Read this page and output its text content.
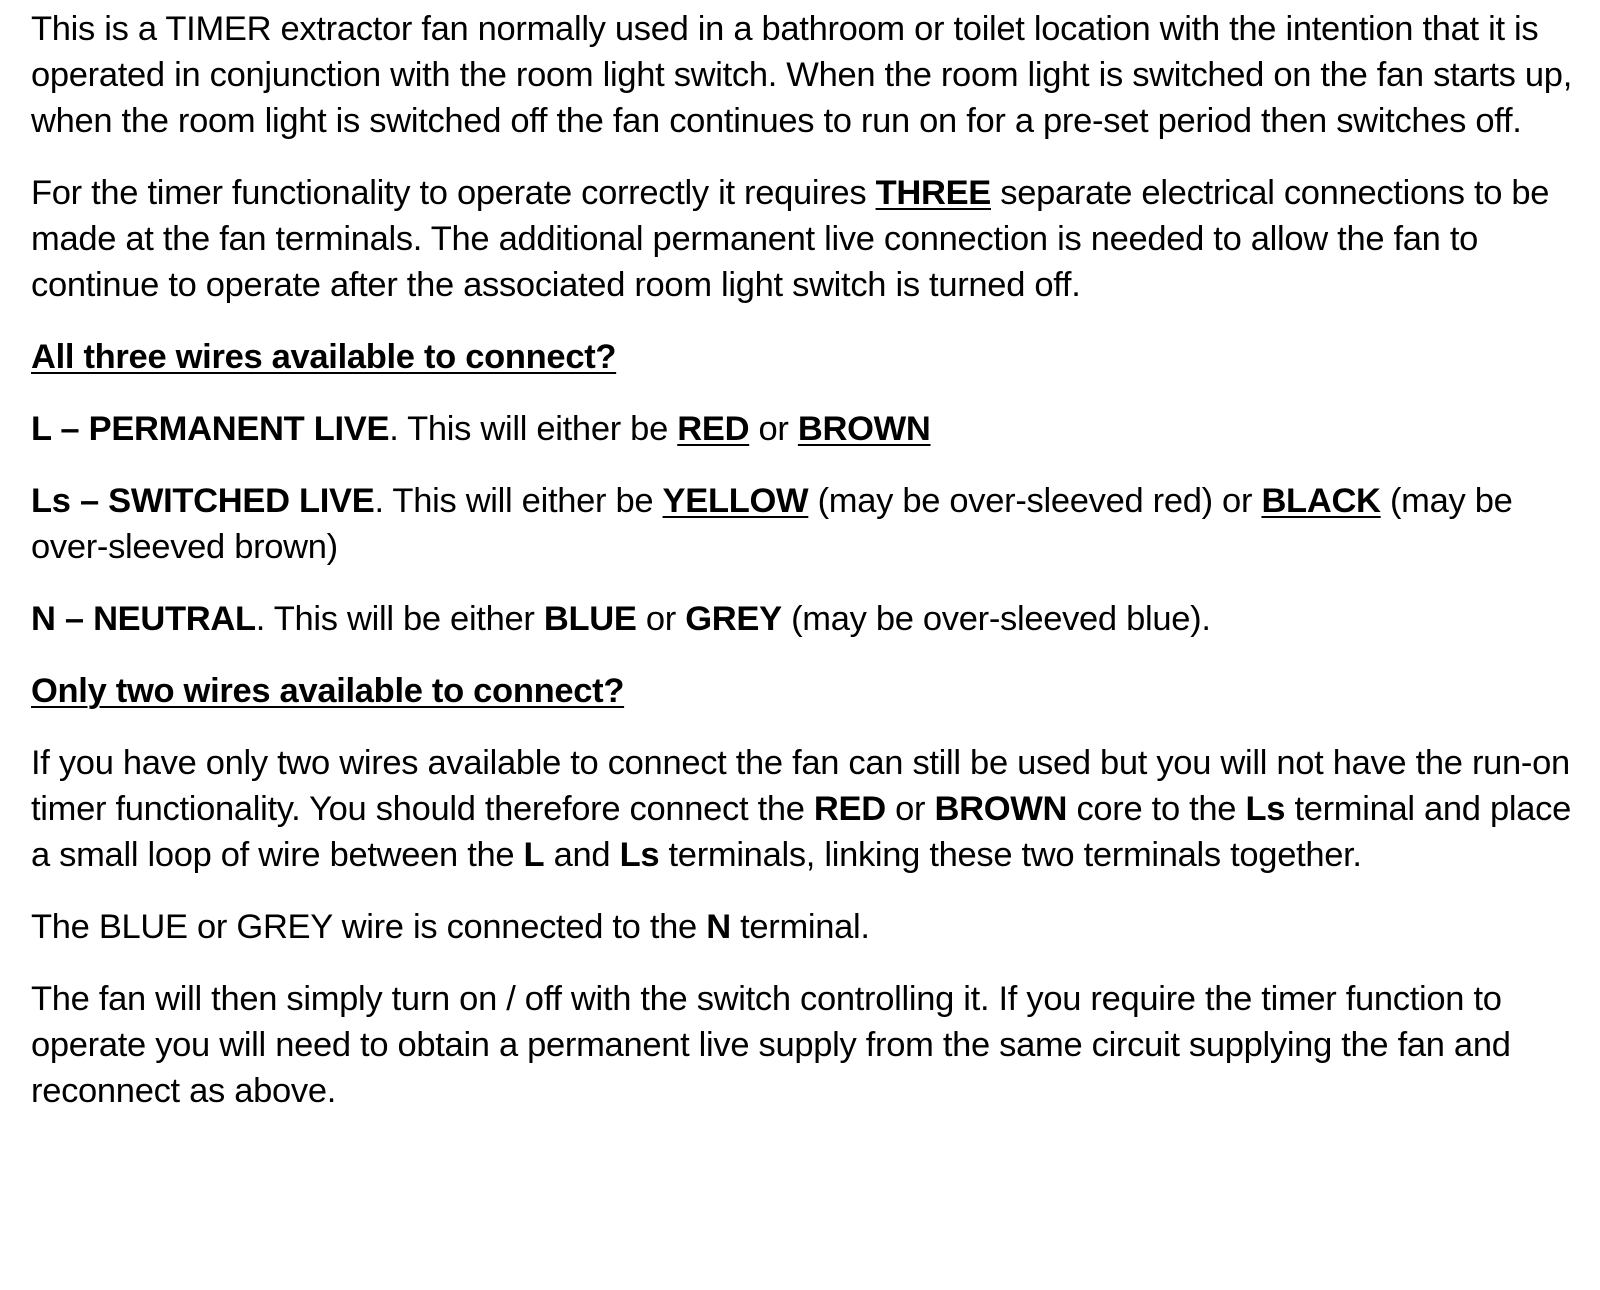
This is a TIMER extractor fan normally used in a bathroom or toilet location with the intention that it is operated in conjunction with the room light switch. When the room light is switched on the fan starts up, when the room light is switched off the fan continues to run on for a pre-set period then switches off.

For the timer functionality to operate correctly it requires THREE separate electrical connections to be made at the fan terminals. The additional permanent live connection is needed to allow the fan to continue to operate after the associated room light switch is turned off.

All three wires available to connect?

L – PERMANENT LIVE. This will either be RED or BROWN

Ls – SWITCHED LIVE. This will either be YELLOW (may be over-sleeved red) or BLACK (may be over-sleeved brown)

N – NEUTRAL. This will be either BLUE or GREY (may be over-sleeved blue).

Only two wires available to connect?

If you have only two wires available to connect the fan can still be used but you will not have the run-on timer functionality. You should therefore connect the RED or BROWN core to the Ls terminal and place a small loop of wire between the L and Ls terminals, linking these two terminals together.

The BLUE or GREY wire is connected to the N terminal.

The fan will then simply turn on / off with the switch controlling it. If you require the timer function to operate you will need to obtain a permanent live supply from the same circuit supplying the fan and reconnect as above.
